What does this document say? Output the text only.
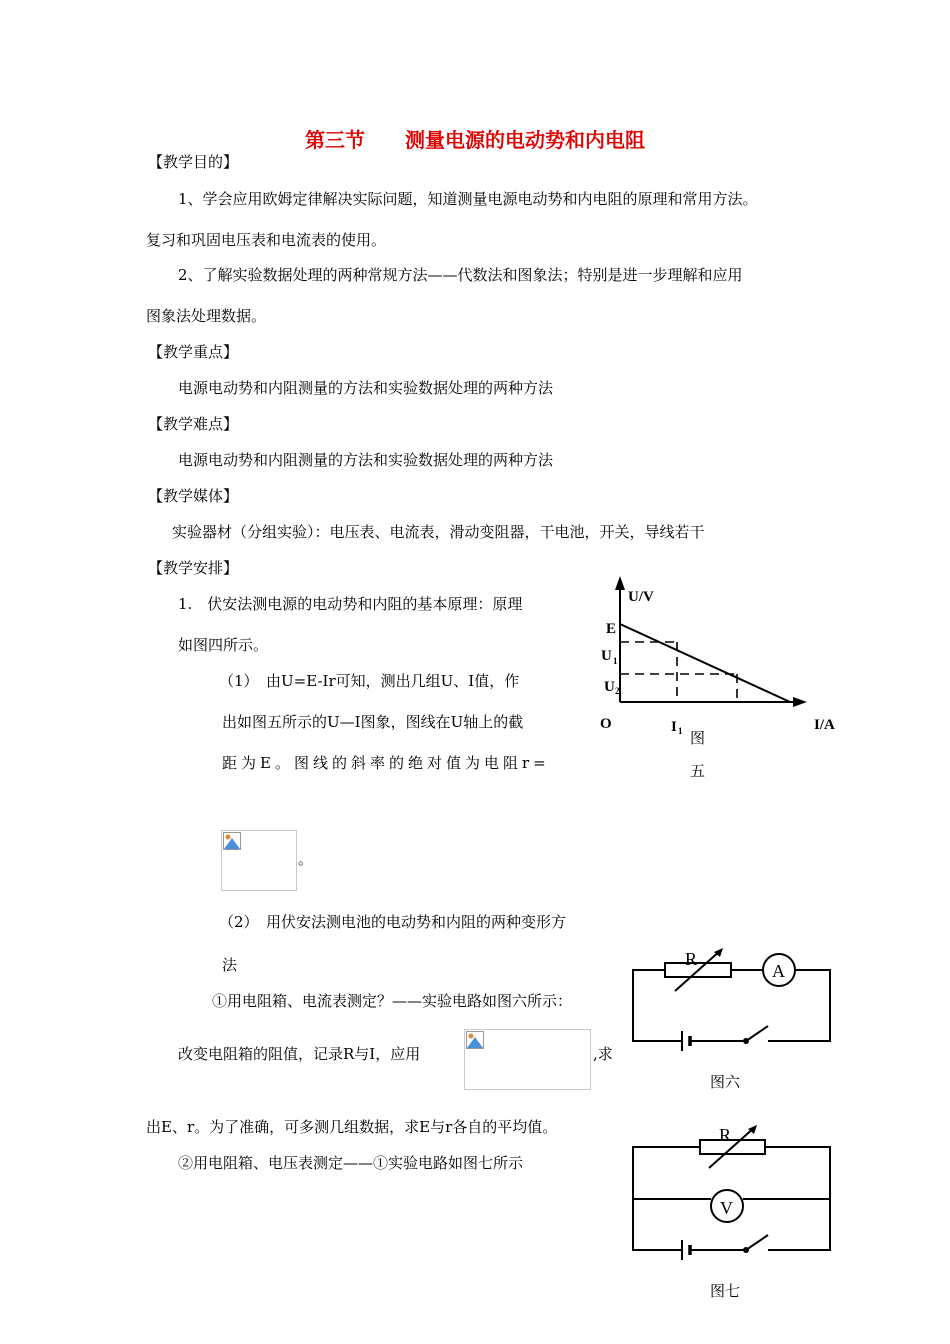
第三节　　测量电源的电动势和内电阻
【教学目的】
1、学会应用欧姆定律解决实际问题，知道测量电源电动势和内电阻的原理和常用方法。
复习和巩固电压表和电流表的使用。
2、了解实验数据处理的两种常规方法——代数法和图象法；特别是进一步理解和应用
图象法处理数据。
【教学重点】
电源电动势和内阻测量的方法和实验数据处理的两种方法
【教学难点】
电源电动势和内阻测量的方法和实验数据处理的两种方法
【教学媒体】
实验器材（分组实验）：电压表、电流表，滑动变阻器，干电池，开关，导线若干
【教学安排】
1.　伏安法测电源的电动势和内阻的基本原理：原理
如图四所示。
（1）　由U=E-Ir可知，测出几组U、I值，作
出如图五所示的U—I图象，图线在U轴上的截
距为E。图线的斜率的绝对值为电阻r=
。
（2）　用伏安法测电池的电动势和内阻的两种变形方
法
①用电阻箱、电流表测定？——实验电路如图六所示：
改变电阻箱的阻值，记录R与I，应用	,求
出E、r。为了准确，可多测几组数据，求E与r各自的平均值。
②用电阻箱、电压表测定——①实验电路如图七所示
U/V
I/A
O
E
U 1
U 2
I 1 图
五
R
A
图六
R
V
图七
